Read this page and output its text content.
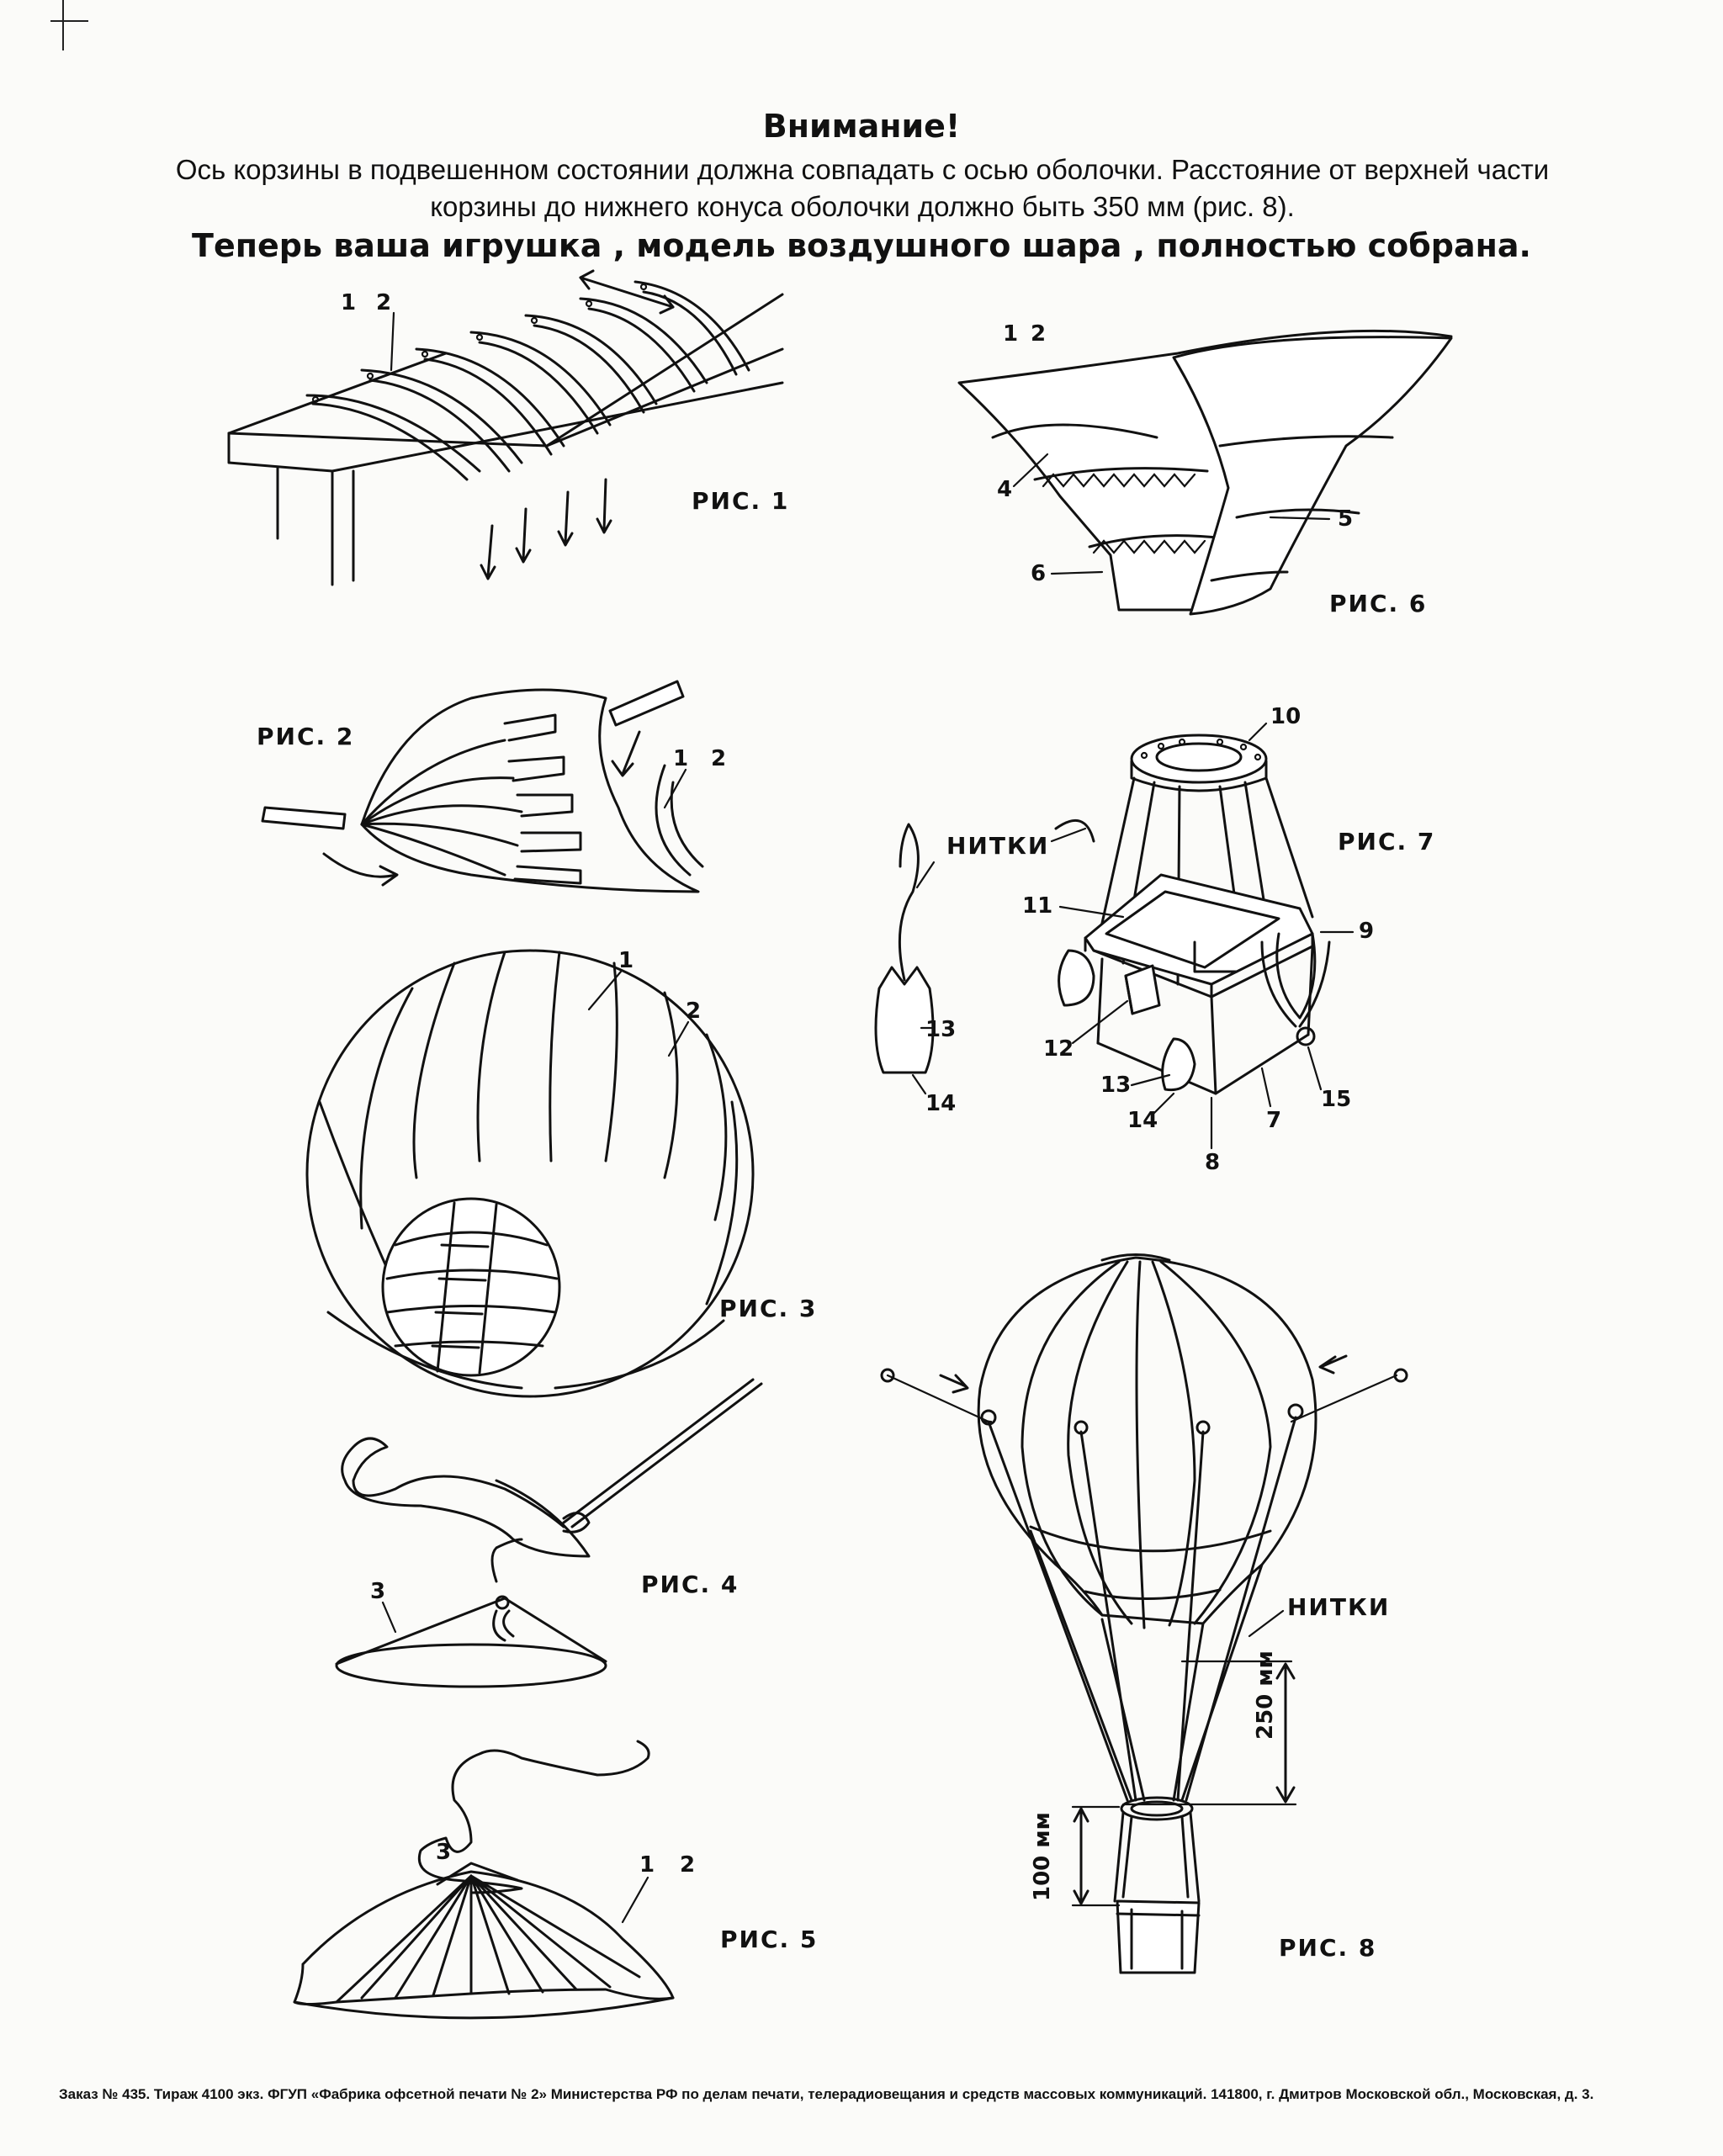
Внимание!
Ось корзины в подвешенном состоянии должна совпадать с осью оболочки. Расстояние от верхней части
корзины до нижнего конуса оболочки должно быть 350 мм (рис. 8).
Теперь ваша игрушка , модель воздушного шара , полностью собрана.
1 2
РИС. 1
1 2
4
5
6
РИС. 6
РИС. 2
1 2
1
2
РИС. 3
НИТКИ
10
РИС. 7
11
9
12
13
14
15
7
8
13
14
3	РИС. 4
3	1 2
РИС. 5
250 мм
100 мм
НИТКИ
РИС. 8
Заказ № 435. Тираж 4100 экз. ФГУП «Фабрика офсетной печати № 2» Министерства РФ по делам печати, телерадиовещания и средств массовых коммуникаций. 141800, г. Дмитров Московской обл., Московская, д. 3.
